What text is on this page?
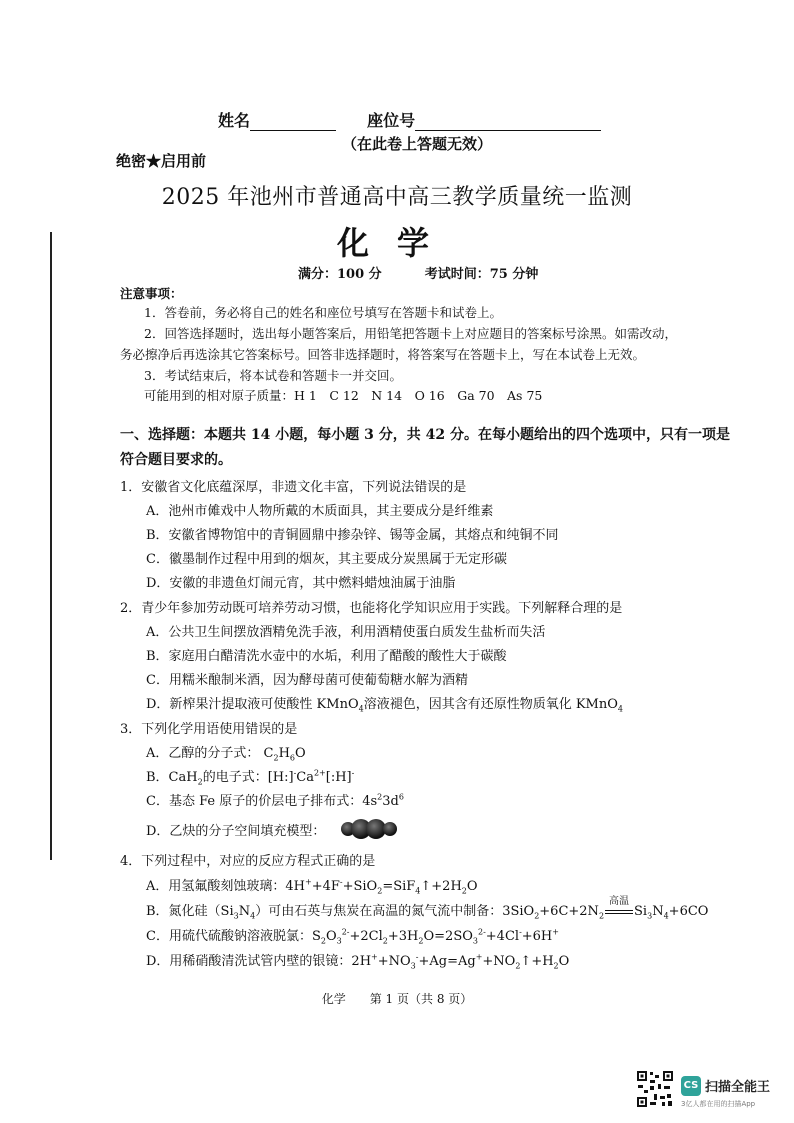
姓名	座位号
（在此卷上答题无效）
绝密★启用前
2025 年池州市普通高中高三教学质量统一监测
化学
满分：100 分	考试时间：75 分钟
注意事项：
1．答卷前，务必将自己的姓名和座位号填写在答题卡和试卷上。
2．回答选择题时，选出每小题答案后，用铅笔把答题卡上对应题目的答案标号涂黑。如需改动，
务必擦净后再选涂其它答案标号。回答非选择题时，将答案写在答题卡上，写在本试卷上无效。
3．考试结束后，将本试卷和答题卡一并交回。
可能用到的相对原子质量：H 1　C 12　N 14　O 16　Ga 70　As 75
一、选择题：本题共 14 小题，每小题 3 分，共 42 分。在每小题给出的四个选项中，只有一项是
符合题目要求的。
1．安徽省文化底蕴深厚，非遗文化丰富，下列说法错误的是
A．池州市傩戏中人物所戴的木质面具，其主要成分是纤维素
B．安徽省博物馆中的青铜圆鼎中掺杂锌、锡等金属，其熔点和纯铜不同
C．徽墨制作过程中用到的烟灰，其主要成分炭黑属于无定形碳
D．安徽的非遗鱼灯闹元宵，其中燃料蜡烛油属于油脂
2．青少年参加劳动既可培养劳动习惯，也能将化学知识应用于实践。下列解释合理的是
A．公共卫生间摆放酒精免洗手液，利用酒精使蛋白质发生盐析而失活
B．家庭用白醋清洗水壶中的水垢，利用了醋酸的酸性大于碳酸
C．用糯米酿制米酒，因为酵母菌可使葡萄糖水解为酒精
D．新榨果汁提取液可使酸性 KMnO$_4$溶液褪色，因其含有还原性物质氧化 KMnO$_4$
3．下列化学用语使用错误的是
A．乙醇的分子式： $C_2H_6O$
B．CaH$_2$的电子式：$[H:]^-Ca^{2+}[:H]^-$
C．基态 Fe 原子的价层电子排布式：$4s^23d^6$
D．乙炔的分子空间填充模型：
4．下列过程中，对应的反应方程式正确的是
A．用氢氟酸刻蚀玻璃：$4H^++4F^-+SiO_2=SiF_4↑+2H_2O$
B．氮化硅$(Si_3N_4)$可由石英与焦炭在高温的氮气流中制备：$3SiO_2+6C+2N_2$
高温
$Si_3N_4+6CO$
C．用硫代硫酸钠溶液脱氯：$S_2O_3^{2-}+2Cl_2+3H_2O=2SO_3^{2-}+4Cl^-+6H^+$
D．用稀硝酸清洗试管内壁的银镜：$2H^++NO_3^-+Ag=Ag^++NO_2↑+H_2O$
化学　　第 1 页（共 8 页）
CS 扫描全能王
3亿人都在用的扫描App
